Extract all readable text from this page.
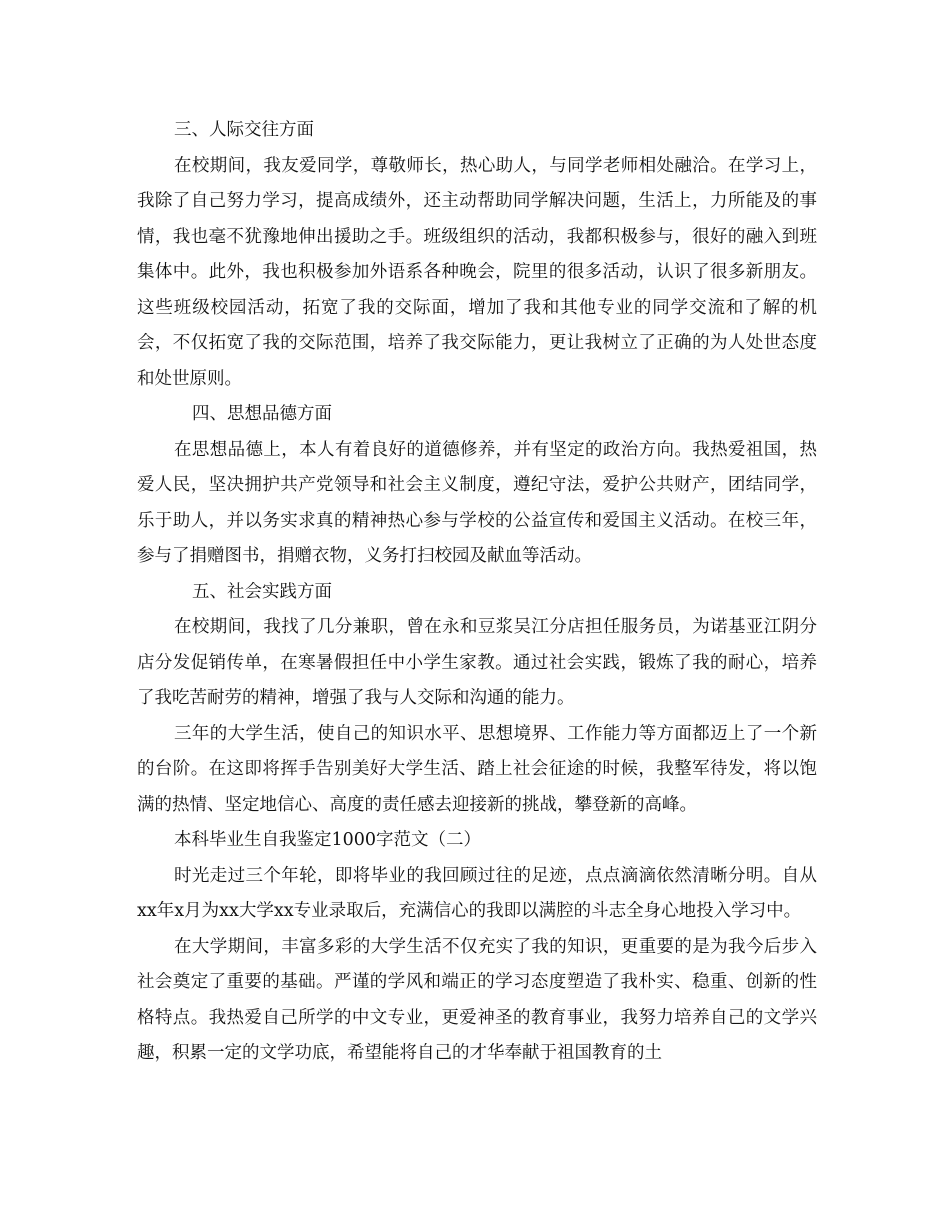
三、人际交往方面

在校期间，我友爱同学，尊敬师长，热心助人，与同学老师相处融洽。在学习上，我除了自己努力学习，提高成绩外，还主动帮助同学解决问题，生活上，力所能及的事情，我也毫不犹豫地伸出援助之手。班级组织的活动，我都积极参与，很好的融入到班集体中。此外，我也积极参加外语系各种晚会，院里的很多活动，认识了很多新朋友。这些班级校园活动，拓宽了我的交际面，增加了我和其他专业的同学交流和了解的机会，不仅拓宽了我的交际范围，培养了我交际能力，更让我树立了正确的为人处世态度和处世原则。

四、思想品德方面

在思想品德上，本人有着良好的道德修养，并有坚定的政治方向。我热爱祖国，热爱人民，坚决拥护共产党领导和社会主义制度，遵纪守法，爱护公共财产，团结同学，乐于助人，并以务实求真的精神热心参与学校的公益宣传和爱国主义活动。在校三年，参与了捐赠图书，捐赠衣物，义务打扫校园及献血等活动。

五、社会实践方面

在校期间，我找了几分兼职，曾在永和豆浆吴江分店担任服务员，为诺基亚江阴分店分发促销传单，在寒暑假担任中小学生家教。通过社会实践，锻炼了我的耐心，培养了我吃苦耐劳的精神，增强了我与人交际和沟通的能力。

三年的大学生活，使自己的知识水平、思想境界、工作能力等方面都迈上了一个新的台阶。在这即将挥手告别美好大学生活、踏上社会征途的时候，我整军待发，将以饱满的热情、坚定地信心、高度的责任感去迎接新的挑战，攀登新的高峰。

本科毕业生自我鉴定1000字范文（二）

时光走过三个年轮，即将毕业的我回顾过往的足迹，点点滴滴依然清晰分明。自从xx年x月为xx大学xx专业录取后，充满信心的我即以满腔的斗志全身心地投入学习中。

在大学期间，丰富多彩的大学生活不仅充实了我的知识，更重要的是为我今后步入社会奠定了重要的基础。严谨的学风和端正的学习态度塑造了我朴实、稳重、创新的性格特点。我热爱自己所学的中文专业，更爱神圣的教育事业，我努力培养自己的文学兴趣，积累一定的文学功底，希望能将自己的才华奉献于祖国教育的土
